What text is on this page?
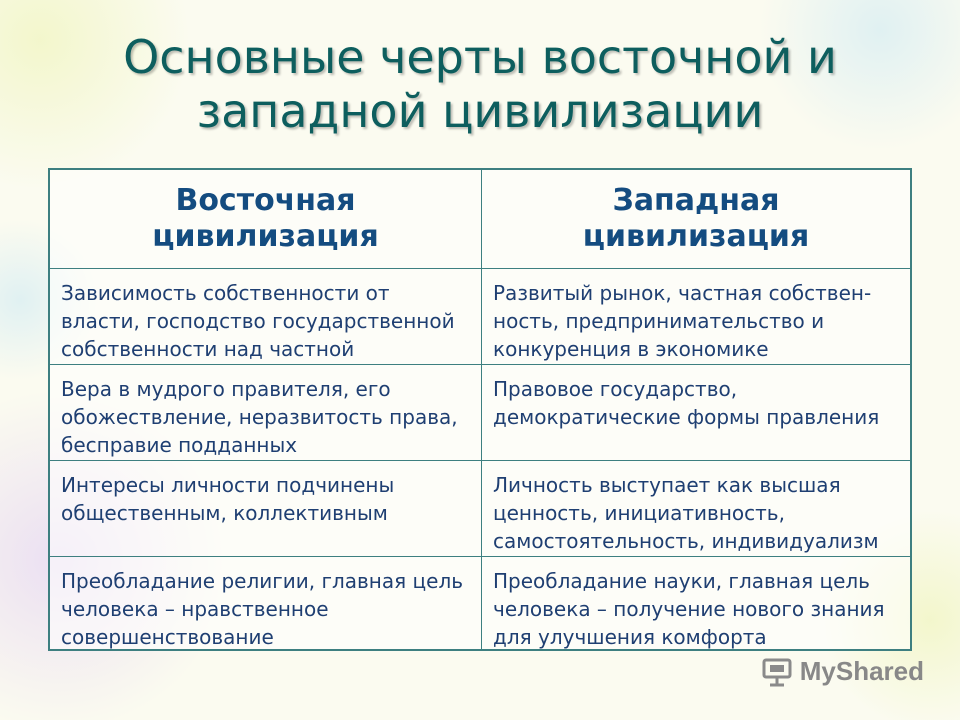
Основные черты восточной и западной цивилизации
Восточная цивилизация
Западная цивилизация
Зависимость собственности от власти, господство государственной собственности над частной
Развитый рынок, частная собствен-ность, предпринимательство и конкуренция в экономике
Вера в мудрого правителя, его обожествление, неразвитость права, бесправие подданных
Правовое государство, демократические формы правления
Интересы личности подчинены общественным, коллективным
Личность выступает как высшая ценность, инициативность, самостоятельность, индивидуализм
Преобладание религии, главная цель человека – нравственное совершенствование
Преобладание науки, главная цель человека – получение нового знания для улучшения комфорта
MyShared
